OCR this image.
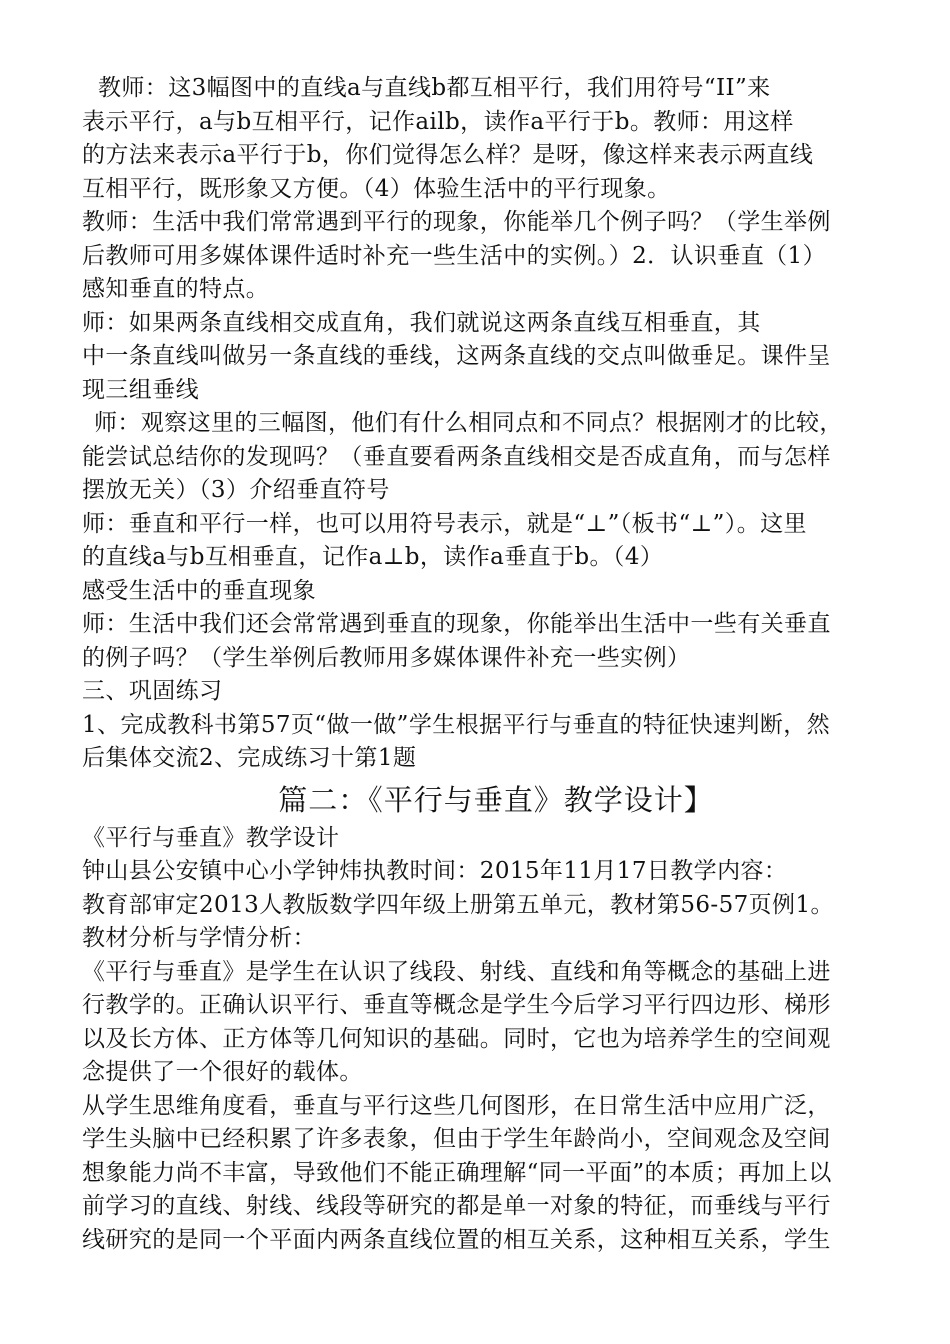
教师：这3幅图中的直线a与直线b都互相平行，我们用符号“II”来
表示平行，a与b互相平行，记作ailb，读作a平行于b。教师：用这样
的方法来表示a平行于b，你们觉得怎么样？是呀，像这样来表示两直线
互相平行，既形象又方便。（4）体验生活中的平行现象。
教师：生活中我们常常遇到平行的现象，你能举几个例子吗？（学生举例
后教师可用多媒体课件适时补充一些生活中的实例。）2．认识垂直（1）
感知垂直的特点。
师：如果两条直线相交成直角，我们就说这两条直线互相垂直，其
中一条直线叫做另一条直线的垂线，这两条直线的交点叫做垂足。课件呈
现三组垂线
师：观察这里的三幅图，他们有什么相同点和不同点？根据刚才的比较，
能尝试总结你的发现吗？（垂直要看两条直线相交是否成直角，而与怎样
摆放无关）（3）介绍垂直符号
师：垂直和平行一样，也可以用符号表示，就是“⊥”（板书“⊥”）。这里
的直线a与b互相垂直，记作a⊥b，读作a垂直于b。（4）
感受生活中的垂直现象
师：生活中我们还会常常遇到垂直的现象，你能举出生活中一些有关垂直
的例子吗？（学生举例后教师用多媒体课件补充一些实例）
三、巩固练习
1、完成教科书第57页“做一做”学生根据平行与垂直的特征快速判断，然
后集体交流2、完成练习十第1题
篇二：《平行与垂直》教学设计】
《平行与垂直》教学设计
钟山县公安镇中心小学钟炜执教时间：2015年11月17日教学内容：
教育部审定2013人教版数学四年级上册第五单元，教材第56-57页例1。
教材分析与学情分析：
《平行与垂直》是学生在认识了线段、射线、直线和角等概念的基础上进
行教学的。正确认识平行、垂直等概念是学生今后学习平行四边形、梯形
以及长方体、正方体等几何知识的基础。同时，它也为培养学生的空间观
念提供了一个很好的载体。
从学生思维角度看，垂直与平行这些几何图形，在日常生活中应用广泛，
学生头脑中已经积累了许多表象，但由于学生年龄尚小，空间观念及空间
想象能力尚不丰富，导致他们不能正确理解“同一平面”的本质；再加上以
前学习的直线、射线、线段等研究的都是单一对象的特征，而垂线与平行
线研究的是同一个平面内两条直线位置的相互关系，这种相互关系，学生
